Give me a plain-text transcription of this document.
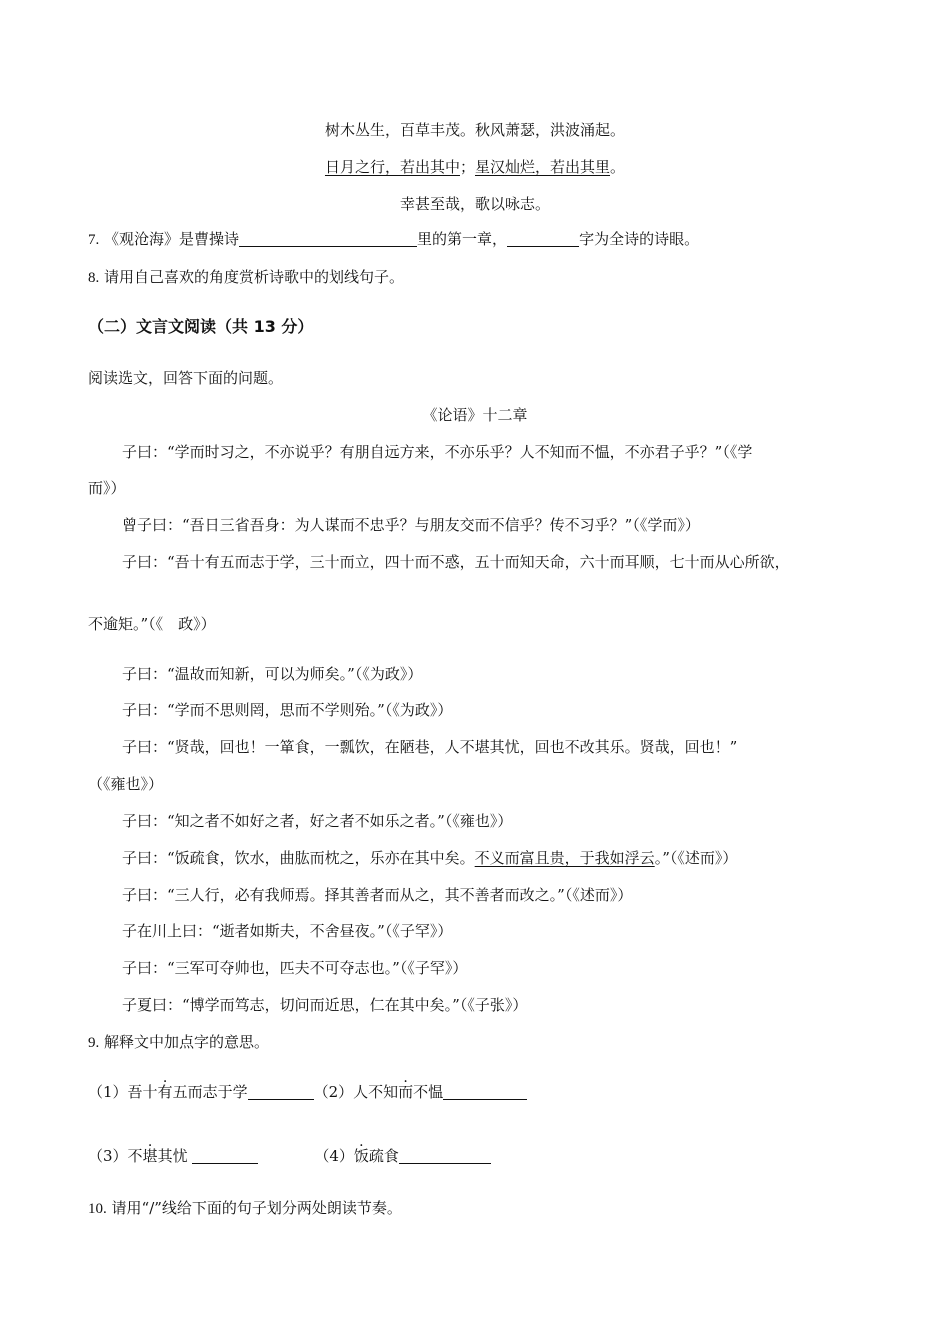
树木丛生，百草丰茂。秋风萧瑟，洪波涌起。
日月之行，若出其中；星汉灿烂，若出其里。
幸甚至哉，歌以咏志。
7. 《观沧海》是曹操诗	里的第一章，	字为全诗的诗眼。
8. 请用自己喜欢的角度赏析诗歌中的划线句子。
（二）文言文阅读（共 13 分）
阅读选文，回答下面的问题。
《论语》十二章
子曰：“学而时习之，不亦说乎？有朋自远方来，不亦乐乎？人不知而不愠，不亦君子乎？”（《学
而》）
曾子曰：“吾日三省吾身：为人谋而不忠乎？与朋友交而不信乎？传不习乎？”（《学而》）
子曰：“吾十有五而志于学，三十而立，四十而不惑，五十而知天命，六十而耳顺，七十而从心所欲，
不逾矩。”（《　政》）
子曰：“温故而知新，可以为师矣。”（《为政》）
子曰：“学而不思则罔，思而不学则殆。”（《为政》）
子曰：“贤哉，回也！一箪食，一瓢饮，在陋巷，人不堪其忧，回也不改其乐。贤哉，回也！”
（《雍也》）
子曰：“知之者不如好之者，好之者不如乐之者。”（《雍也》）
子曰：“饭疏食，饮水，曲肱而枕之，乐亦在其中矣。不义而富且贵，于我如浮云。”（《述而》）
子曰：“三人行，必有我师焉。择其善者而从之，其不善者而改之。”（《述而》）
子在川上曰：“逝者如斯夫，不舍昼夜。”（《子罕》）
子曰：“三军可夺帅也，匹夫不可夺志也。”（《子罕》）
子夏曰：“博学而笃志，切问而近思，仁在其中矣。”（《子张》）
9. 解释文中加点字的意思。
（1）吾十有五而志于学	（2）人不知而不愠
（3）不堪其忧	（4）饭疏食
10. 请用“/”线给下面的句子划分两处朗读节奏。
